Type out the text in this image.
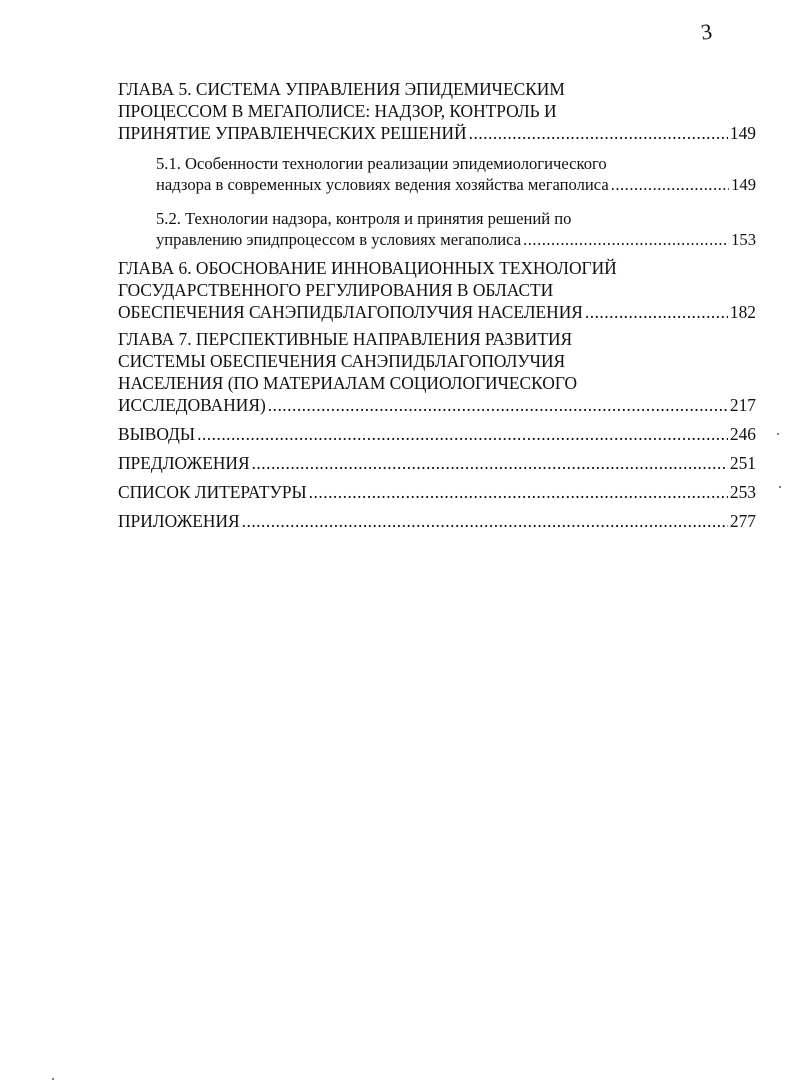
3
ГЛАВА 5. СИСТЕМА УПРАВЛЕНИЯ ЭПИДЕМИЧЕСКИМ
ПРОЦЕССОМ В МЕГАПОЛИСЕ: НАДЗОР, КОНТРОЛЬ И
ПРИНЯТИЕ УПРАВЛЕНЧЕСКИХ РЕШЕНИЙ .....	149
5.1. Особенности технологии реализации эпидемиологического
надзора в современных условиях ведения хозяйства мегаполиса .....	149
5.2. Технологии надзора, контроля и принятия решений по
управлению эпидпроцессом в условиях мегаполиса .....	153
ГЛАВА 6. ОБОСНОВАНИЕ ИННОВАЦИОННЫХ ТЕХНОЛОГИЙ
ГОСУДАРСТВЕННОГО РЕГУЛИРОВАНИЯ В ОБЛАСТИ
ОБЕСПЕЧЕНИЯ САНЭПИДБЛАГОПОЛУЧИЯ НАСЕЛЕНИЯ .....	182
ГЛАВА 7. ПЕРСПЕКТИВНЫЕ НАПРАВЛЕНИЯ РАЗВИТИЯ
СИСТЕМЫ ОБЕСПЕЧЕНИЯ САНЭПИДБЛАГОПОЛУЧИЯ
НАСЕЛЕНИЯ (ПО МАТЕРИАЛАМ СОЦИОЛОГИЧЕСКОГО
ИССЛЕДОВАНИЯ) .....	217
ВЫВОДЫ .....	246
ПРЕДЛОЖЕНИЯ .....	251
СПИСОК ЛИТЕРАТУРЫ .....	253
ПРИЛОЖЕНИЯ .....	277
